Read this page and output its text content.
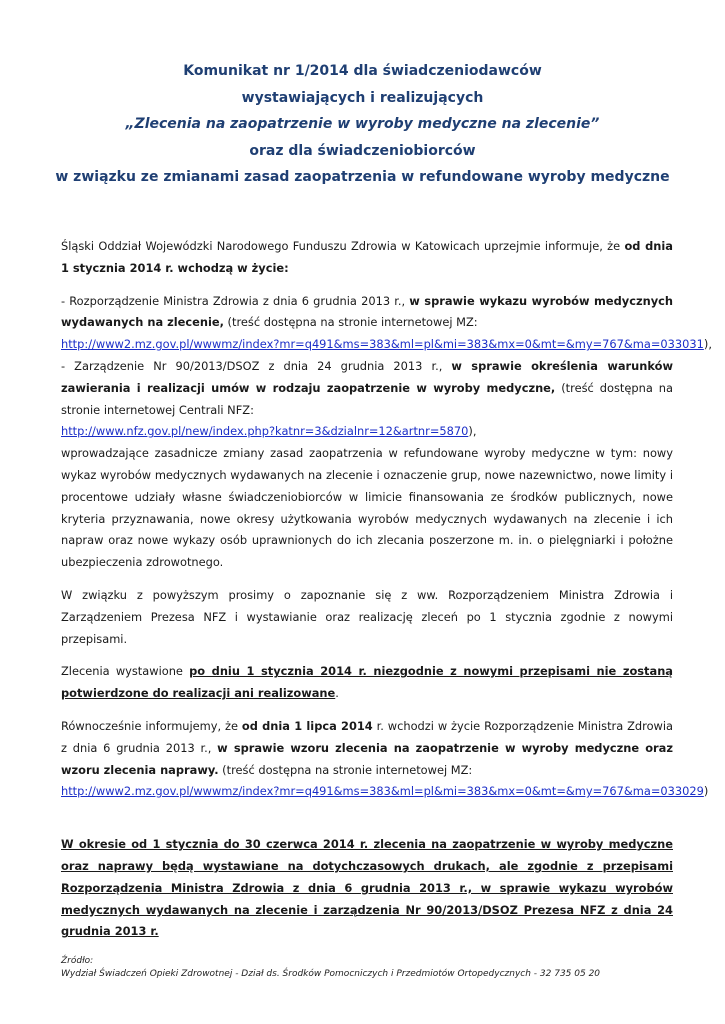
Komunikat nr 1/2014 dla świadczeniodawców
wystawiających i realizujących
„Zlecenia na zaopatrzenie w wyroby medyczne na zlecenie”
oraz dla świadczeniobiorców
w związku ze zmianami zasad zaopatrzenia w refundowane wyroby medyczne

Śląski Oddział Wojewódzki Narodowego Funduszu Zdrowia w Katowicach uprzejmie informuje, że od dnia 1 stycznia 2014 r. wchodzą w życie:

- Rozporządzenie Ministra Zdrowia z dnia 6 grudnia 2013 r., w sprawie wykazu wyrobów medycznych wydawanych na zlecenie, (treść dostępna na stronie internetowej MZ:
http://www2.mz.gov.pl/wwwmz/index?mr=q491&ms=383&ml=pl&mi=383&mx=0&mt=&my=767&ma=033031),

- Zarządzenie Nr 90/2013/DSOZ z dnia 24 grudnia 2013 r., w sprawie określenia warunków zawierania i realizacji umów w rodzaju zaopatrzenie w wyroby medyczne, (treść dostępna na stronie internetowej Centrali NFZ:
http://www.nfz.gov.pl/new/index.php?katnr=3&dzialnr=12&artnr=5870),

wprowadzające zasadnicze zmiany zasad zaopatrzenia w refundowane wyroby medyczne w tym: nowy wykaz wyrobów medycznych wydawanych na zlecenie i oznaczenie grup, nowe nazewnictwo, nowe limity i procentowe udziały własne świadczeniobiorców w limicie finansowania ze środków publicznych, nowe kryteria przyznawania, nowe okresy użytkowania wyrobów medycznych wydawanych na zlecenie i ich napraw oraz nowe wykazy osób uprawnionych do ich zlecania poszerzone m. in. o pielęgniarki i położne ubezpieczenia zdrowotnego.

W związku z powyższym prosimy o zapoznanie się z ww. Rozporządzeniem Ministra Zdrowia i Zarządzeniem Prezesa NFZ i wystawianie oraz realizację zleceń po 1 stycznia zgodnie z nowymi przepisami.

Zlecenia wystawione po dniu 1 stycznia 2014 r. niezgodnie z nowymi przepisami nie zostaną potwierdzone do realizacji ani realizowane.

Równocześnie informujemy, że od dnia 1 lipca 2014 r. wchodzi w życie Rozporządzenie Ministra Zdrowia z dnia 6 grudnia 2013 r., w sprawie wzoru zlecenia na zaopatrzenie w wyroby medyczne oraz wzoru zlecenia naprawy. (treść dostępna na stronie internetowej MZ:
http://www2.mz.gov.pl/wwwmz/index?mr=q491&ms=383&ml=pl&mi=383&mx=0&mt=&my=767&ma=033029)

W okresie od 1 stycznia do 30 czerwca 2014 r. zlecenia na zaopatrzenie w wyroby medyczne oraz naprawy będą wystawiane na dotychczasowych drukach, ale zgodnie z przepisami Rozporządzenia Ministra Zdrowia z dnia 6 grudnia 2013 r., w sprawie wykazu wyrobów medycznych wydawanych na zlecenie i zarządzenia Nr 90/2013/DSOZ Prezesa NFZ z dnia 24 grudnia 2013 r.

Źródło:
Wydział Świadczeń Opieki Zdrowotnej - Dział ds. Środków Pomocniczych i Przedmiotów Ortopedycznych - 32 735 05 20
